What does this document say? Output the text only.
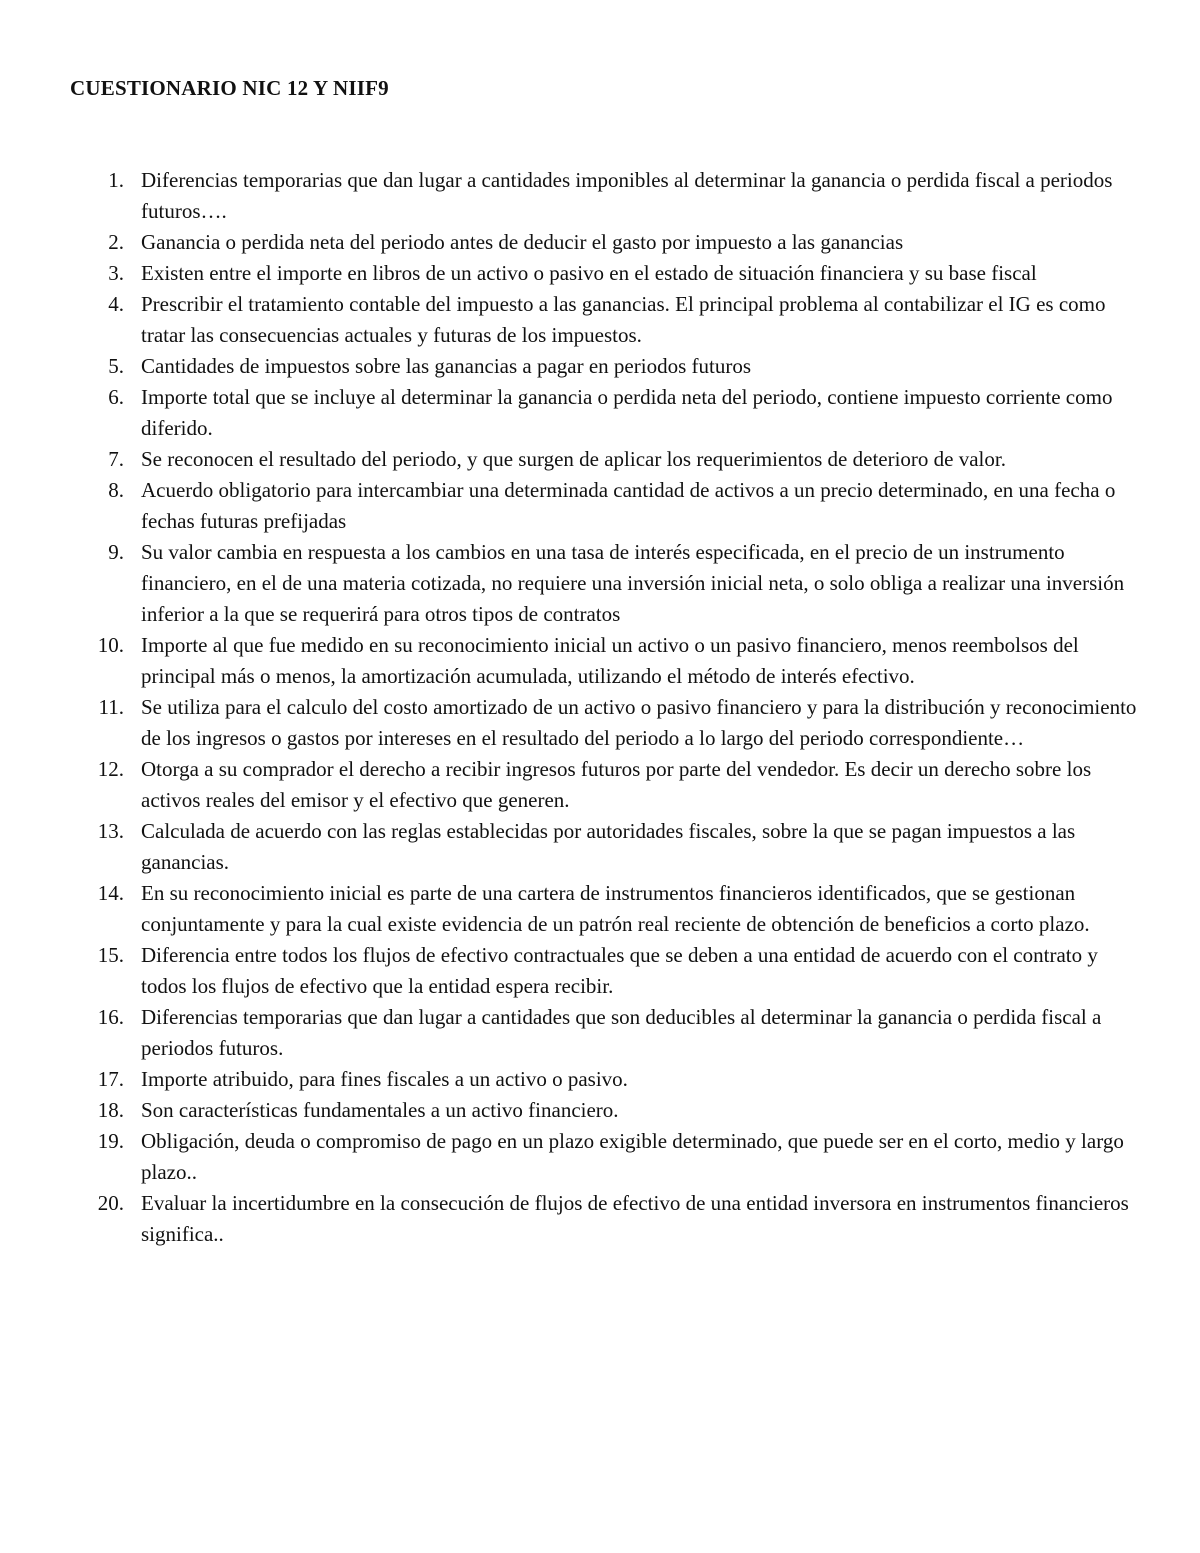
CUESTIONARIO NIC 12 Y NIIF9
1. Diferencias temporarias que dan lugar a cantidades imponibles al determinar la ganancia o perdida fiscal a periodos futuros….
2. Ganancia o perdida neta del periodo antes de deducir el gasto por impuesto a las ganancias
3. Existen entre el importe en libros de un activo o pasivo en el estado de situación financiera y su base fiscal
4. Prescribir el tratamiento contable del impuesto a las ganancias. El principal problema al contabilizar el IG es como tratar las consecuencias actuales y futuras de los impuestos.
5. Cantidades de impuestos sobre las ganancias a pagar en periodos futuros
6. Importe total que se incluye al determinar la ganancia o perdida neta del periodo, contiene impuesto corriente como diferido.
7. Se reconocen el resultado del periodo, y que surgen de aplicar los requerimientos de deterioro de valor.
8. Acuerdo obligatorio para intercambiar una determinada cantidad de activos a un precio determinado, en una fecha o fechas futuras prefijadas
9. Su valor cambia en respuesta a los cambios en una tasa de interés especificada, en el precio de un instrumento financiero, en el de una materia cotizada, no requiere una inversión inicial neta, o solo obliga a realizar una inversión inferior a la que se requerirá para otros tipos de contratos
10. Importe al que fue medido en su reconocimiento inicial un activo o un pasivo financiero, menos reembolsos del principal más o menos, la amortización acumulada, utilizando el método de interés efectivo.
11. Se utiliza para el calculo del costo amortizado de un activo o pasivo financiero y para la distribución y reconocimiento de los ingresos o gastos por intereses en el resultado del periodo a lo largo del periodo correspondiente…
12. Otorga a su comprador el derecho a recibir ingresos futuros por parte del vendedor. Es decir un derecho sobre los activos reales del emisor y el efectivo que generen.
13. Calculada de acuerdo con las reglas establecidas por autoridades fiscales, sobre la que se pagan impuestos a las ganancias.
14. En su reconocimiento inicial es parte de una cartera de instrumentos financieros identificados, que se gestionan conjuntamente y para la cual existe evidencia de un patrón real reciente de obtención de beneficios a corto plazo.
15. Diferencia entre todos los flujos de efectivo contractuales que se deben a una entidad de acuerdo con el contrato y todos los flujos de efectivo que la entidad espera recibir.
16. Diferencias temporarias que dan lugar a cantidades que son deducibles al determinar la ganancia o perdida fiscal a periodos futuros.
17. Importe atribuido, para fines fiscales a un activo o pasivo.
18. Son características fundamentales a un activo financiero.
19. Obligación, deuda o compromiso de pago en un plazo exigible determinado, que puede ser en el corto, medio y largo plazo..
20. Evaluar la incertidumbre en la consecución de flujos de efectivo de una entidad inversora en instrumentos financieros significa..
